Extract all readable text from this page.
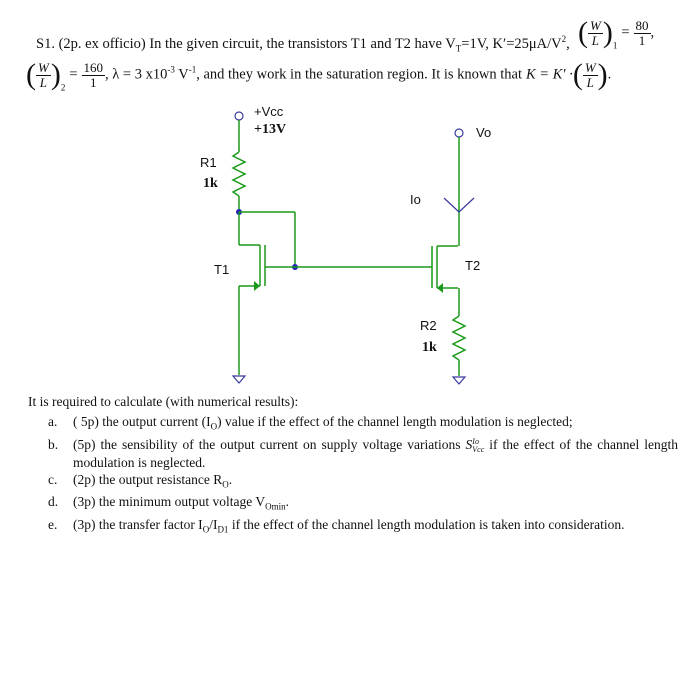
S1. (2p. ex officio) In the given circuit, the transistors T1 and T2 have $V_T=1V$, $K'=25\mu A/V^2$, ( $\frac{W}{L} )_1 = \frac{80}{1}$ ,
( $\frac{W}{L} )_2 = \frac{160}{1}$ , λ = 3 $x10^{-3}$ $V^{-1}$, and they work in the saturation region. It is known that K = K′ ·( $\frac{W}{L}$ ).
+Vcc
+13V
R1
1k
T1
Io
Vo
T2
R2
1k
It is required to calculate (with numerical results):
a. ( 5p) the output current $(I_O)$ value if the effect of the channel length modulation is neglected;
b. (5p) the sensibility of the output current on supply voltage variations S Io
Vcc if the effect of the channel length modulation is neglected.
c. (2p) the output resistance $R_O$.
d. (3p) the minimum output voltage $V_{Omin}$.
e. (3p) the transfer factor $I_O/I_{D1}$ if the effect of the channel length modulation is taken into consideration.
